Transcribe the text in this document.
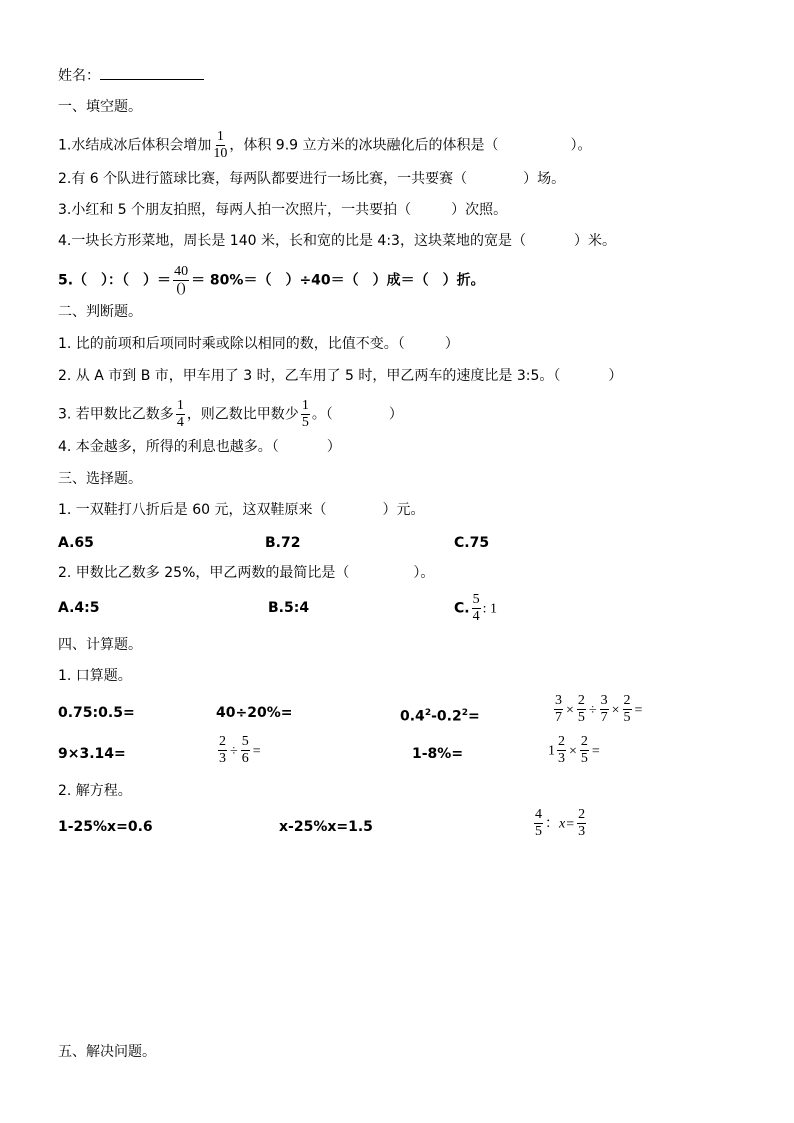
姓名：
一、填空题。
1.水结成冰后体积会增加 $\frac{1}{10}$ ，体积 9.9 立方米的冰块融化后的体积是（	）。
2.有 6 个队进行篮球比赛，每两队都要进行一场比赛，一共要赛（	）场。
3.小红和 5 个朋友拍照，每两人拍一次照片，一共要拍（	）次照。
4.一块长方形菜地，周长是 140 米，长和宽的比是 4:3，这块菜地的宽是（	）米。
5.（　）：（　）＝ $\frac{40}{()} = 80\%=$（　）÷40＝（　）成＝（　）折。
二、判断题。
1. 比的前项和后项同时乘或除以相同的数，比值不变。（	）
2. 从 A 市到 B 市，甲车用了 3 时，乙车用了 5 时，甲乙两车的速度比是 3:5。（	）
3. 若甲数比乙数多 $\frac{1}{4}$ ，则乙数比甲数少 $\frac{1}{5}$ 。（	）
4. 本金越多，所得的利息也越多。（	）
三、选择题。
1. 一双鞋打八折后是 60 元，这双鞋原来（	）元。
A.65	B.72	C.75
2. 甲数比乙数多 25%，甲乙两数的最简比是（	）。
A.4:5	B.5:4	C. $\frac{5}{4}$ : 1
四、计算题。
1. 口算题。
0.75:0.5=	40÷20%=	$0.4^2-0.2^2=$	$\frac{3}{7} \times \frac{2}{5} \div \frac{3}{7} \times \frac{2}{5}$ =
9×3.14=	$\frac{2}{3} \div \frac{5}{6}$ =	1-8%=	$1 \frac{2}{3} \times \frac{2}{5}$ =
2. 解方程。
1-25%x=0.6	x-25%x=1.5	$\frac{4}{5}$ ：$x= \frac{2}{3}$
五、解决问题。
